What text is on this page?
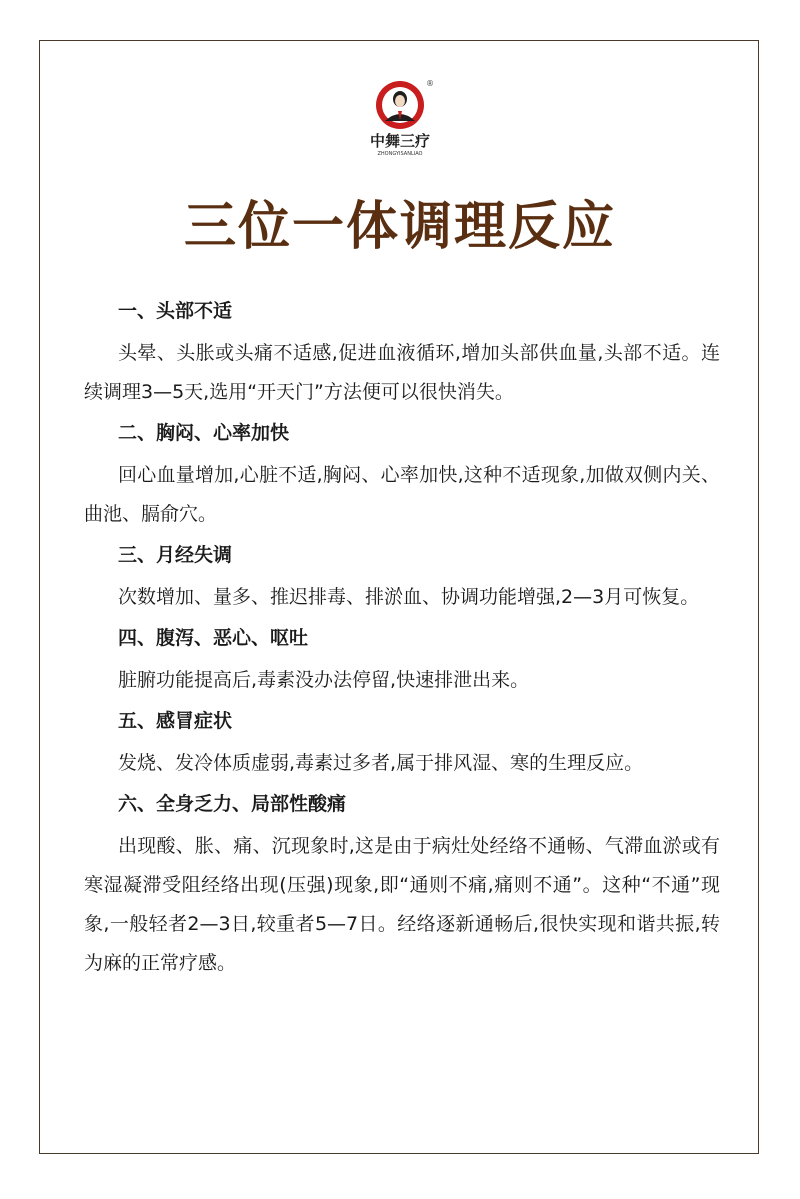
®
中舞三疗
ZHONGYISANLIAO
三位一体调理反应
一、头部不适
头晕、头胀或头痛不适感,促进血液循环,增加头部供血量,头部不适。连续调理3—5天,选用“开天门”方法便可以很快消失。
二、胸闷、心率加快
回心血量增加,心脏不适,胸闷、心率加快,这种不适现象,加做双侧内关、曲池、膈俞穴。
三、月经失调
次数增加、量多、推迟排毒、排淤血、协调功能增强,2—3月可恢复。
四、腹泻、恶心、呕吐
脏腑功能提高后,毒素没办法停留,快速排泄出来。
五、感冒症状
发烧、发冷体质虚弱,毒素过多者,属于排风湿、寒的生理反应。
六、全身乏力、局部性酸痛
出现酸、胀、痛、沉现象时,这是由于病灶处经络不通畅、气滞血淤或有寒湿凝滞受阻经络出现(压强)现象,即“通则不痛,痛则不通”。这种“不通”现象,一般轻者2—3日,较重者5—7日。经络逐新通畅后,很快实现和谐共振,转为麻的正常疗感。
